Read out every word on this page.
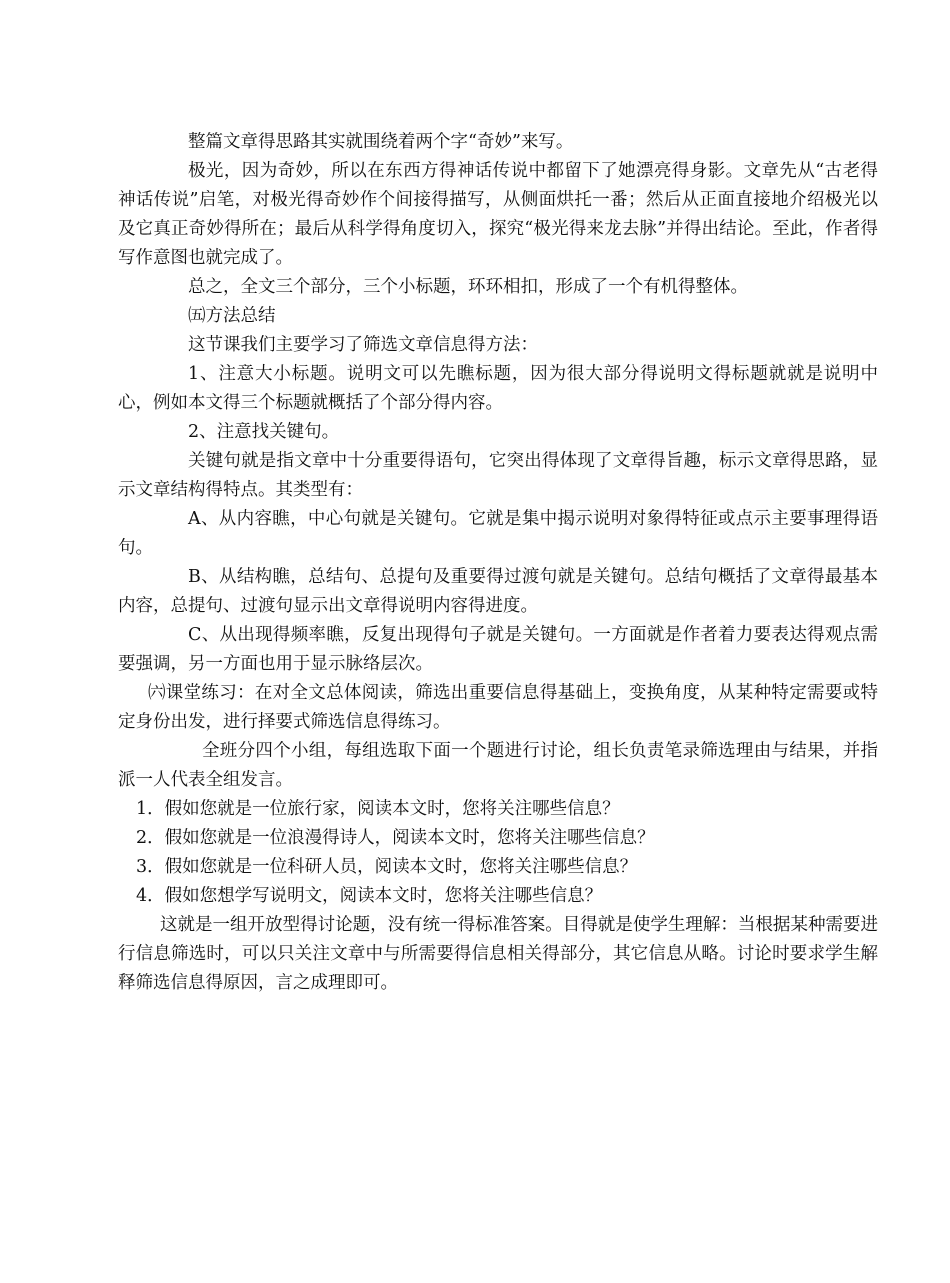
整篇文章得思路其实就围绕着两个字“奇妙”来写。

极光，因为奇妙，所以在东西方得神话传说中都留下了她漂亮得身影。文章先从“古老得神话传说”启笔，对极光得奇妙作个间接得描写，从侧面烘托一番；然后从正面直接地介绍极光以及它真正奇妙得所在；最后从科学得角度切入，探究“极光得来龙去脉”并得出结论。至此，作者得写作意图也就完成了。

总之，全文三个部分，三个小标题，环环相扣，形成了一个有机得整体。

㈤方法总结

这节课我们主要学习了筛选文章信息得方法：

1、注意大小标题。说明文可以先瞧标题，因为很大部分得说明文得标题就就是说明中心，例如本文得三个标题就概括了个部分得内容。

2、注意找关键句。

关键句就是指文章中十分重要得语句，它突出得体现了文章得旨趣，标示文章得思路，显示文章结构得特点。其类型有：

A、从内容瞧，中心句就是关键句。它就是集中揭示说明对象得特征或点示主要事理得语句。

B、从结构瞧，总结句、总提句及重要得过渡句就是关键句。总结句概括了文章得最基本内容，总提句、过渡句显示出文章得说明内容得进度。

C、从出现得频率瞧，反复出现得句子就是关键句。一方面就是作者着力要表达得观点需要强调，另一方面也用于显示脉络层次。

㈥课堂练习：在对全文总体阅读，筛选出重要信息得基础上，变换角度，从某种特定需要或特定身份出发，进行择要式筛选信息得练习。

全班分四个小组，每组选取下面一个题进行讨论，组长负责笔录筛选理由与结果，并指派一人代表全组发言。

1．假如您就是一位旅行家，阅读本文时，您将关注哪些信息？

2．假如您就是一位浪漫得诗人，阅读本文时，您将关注哪些信息？

3．假如您就是一位科研人员，阅读本文时，您将关注哪些信息？

4．假如您想学写说明文，阅读本文时，您将关注哪些信息？

这就是一组开放型得讨论题，没有统一得标准答案。目得就是使学生理解：当根据某种需要进行信息筛选时，可以只关注文章中与所需要得信息相关得部分，其它信息从略。讨论时要求学生解释筛选信息得原因，言之成理即可。
